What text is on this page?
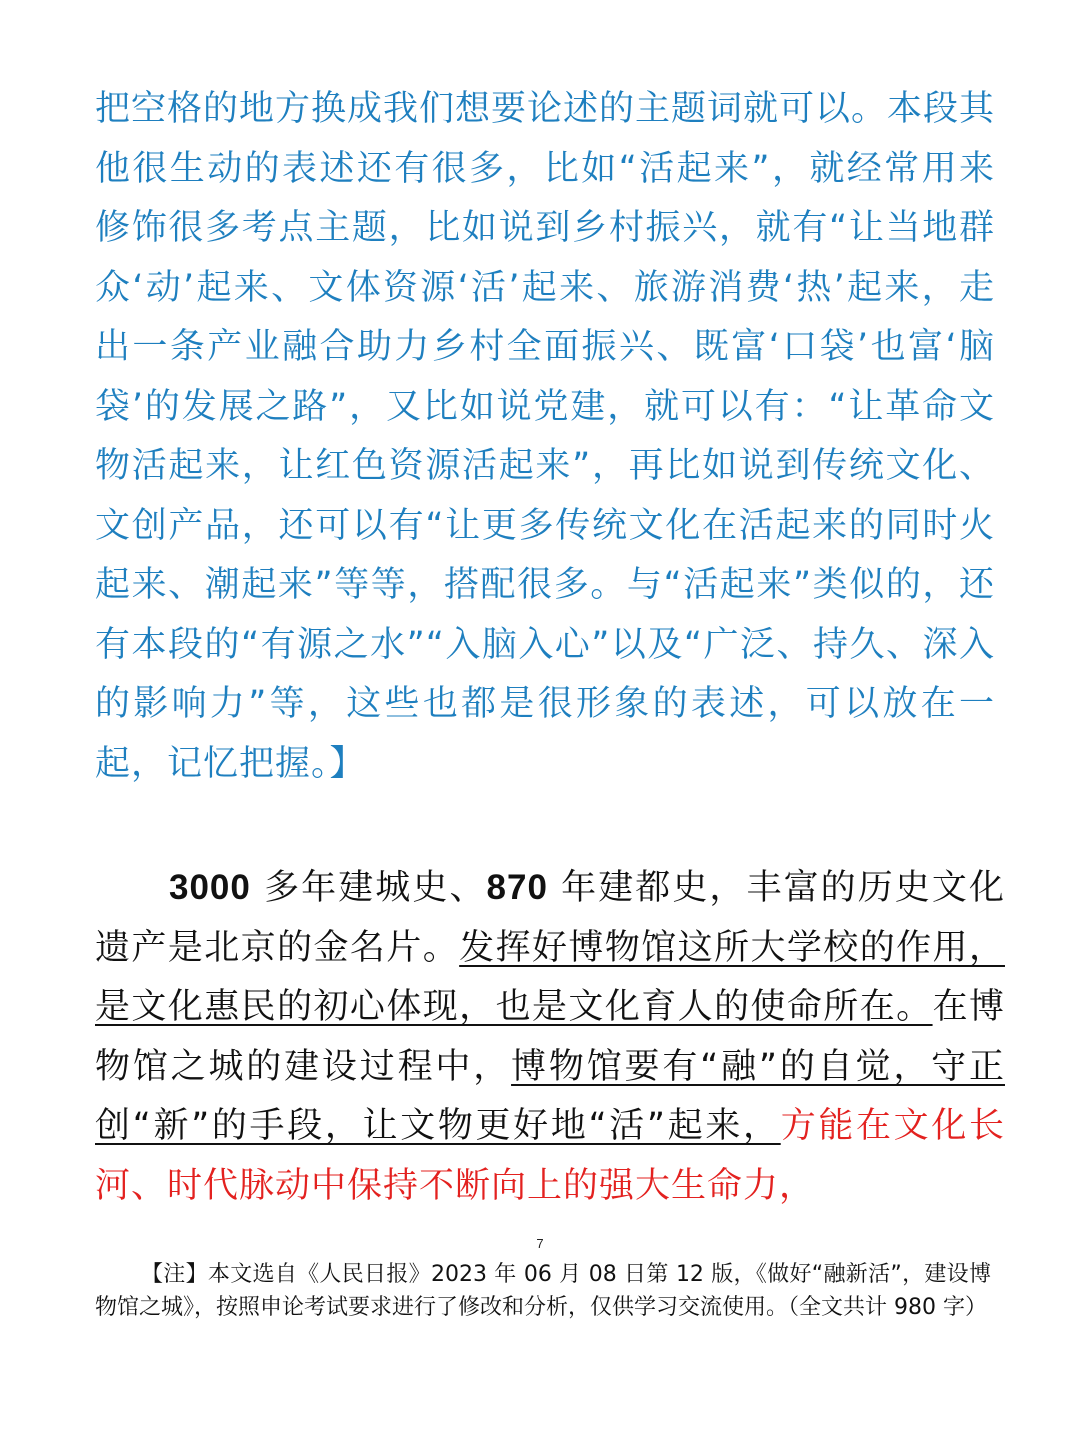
把空格的地方换成我们想要论述的主题词就可以。本段其他很生动的表述还有很多，比如“活起来”，就经常用来修饰很多考点主题，比如说到乡村振兴，就有“让当地群众‘动’起来、文体资源‘活’起来、旅游消费‘热’起来，走出一条产业融合助力乡村全面振兴、既富‘口袋’也富‘脑袋’的发展之路”，又比如说党建，就可以有：“让革命文物活起来，让红色资源活起来”，再比如说到传统文化、文创产品，还可以有“让更多传统文化在活起来的同时火起来、潮起来”等等，搭配很多。与“活起来”类似的，还有本段的“有源之水”“入脑入心”以及“广泛、持久、深入的影响力”等，这些也都是很形象的表述，可以放在一起，记忆把握。】

3000 多年建城史、870 年建都史，丰富的历史文化遗产是北京的金名片。发挥好博物馆这所大学校的作用，是文化惠民的初心体现，也是文化育人的使命所在。在博物馆之城的建设过程中，博物馆要有“融”的自觉，守正创“新”的手段，让文物更好地“活”起来，方能在文化长河、时代脉动中保持不断向上的强大生命力，

7

【注】本文选自《人民日报》2023 年 06 月 08 日第 12 版，《做好“融新活”，建设博物馆之城》，按照申论考试要求进行了修改和分析，仅供学习交流使用。（全文共计 980 字）
